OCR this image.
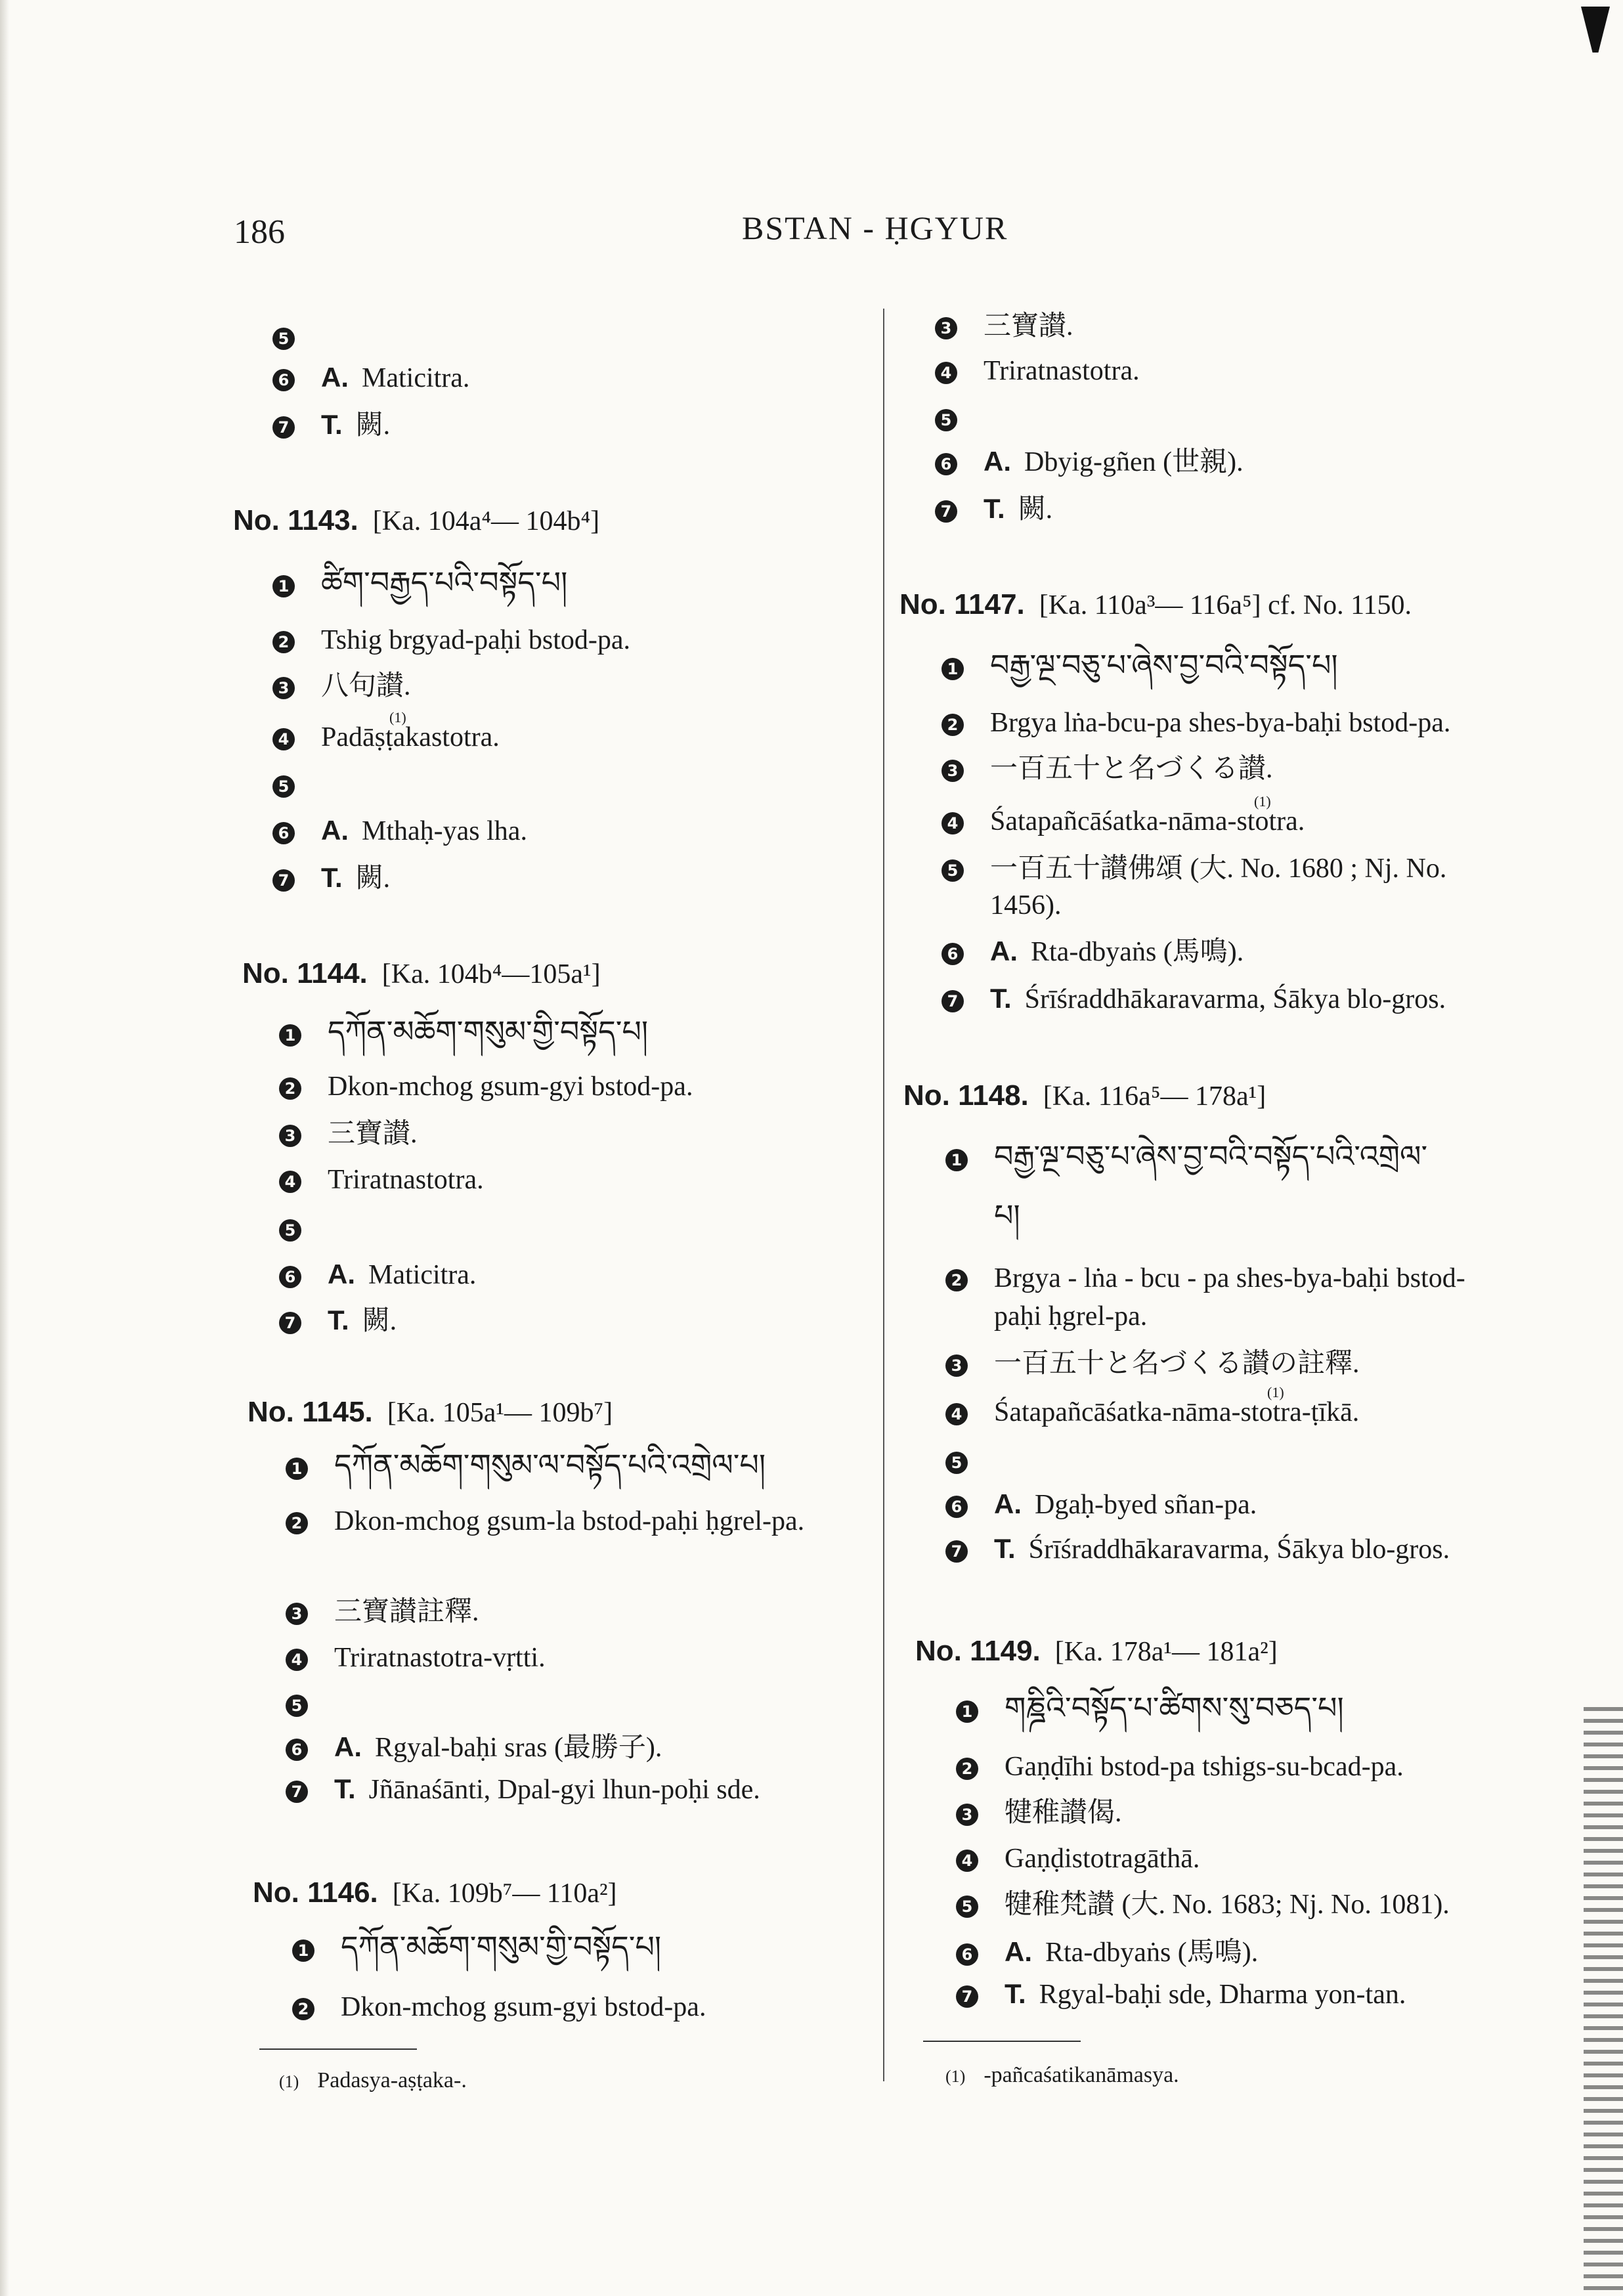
186	BSTAN - ḤGYUR
5
6 A. Maticitra.
7 T. 闕.
No. 1143. [Ka. 104a⁴— 104b⁴]
1 ཚིག་བརྒྱད་པའི་བསྟོད་པ།
2 Tshig brgyad-paḥi bstod-pa.
3 八句讃.
(1)
4 Padāṣṭakastotra.
5
6 A. Mthaḥ-yas lha.
7 T. 闕.
No. 1144. [Ka. 104b⁴—105a¹]
1 དཀོན་མཆོག་གསུམ་གྱི་བསྟོད་པ།
2 Dkon-mchog gsum-gyi bstod-pa.
3 三寶讃.
4 Triratnastotra.
5
6 A. Maticitra.
7 T. 闕.
No. 1145. [Ka. 105a¹— 109b⁷]
1 དཀོན་མཆོག་གསུམ་ལ་བསྟོད་པའི་འགྲེལ་པ།
2 Dkon-mchog gsum-la bstod-paḥi ḥgrel-pa.
3 三寶讃註釋.
4 Triratnastotra-vṛtti.
5
6 A. Rgyal-baḥi sras (最勝子).
7 T. Jñānaśānti, Dpal-gyi lhun-poḥi sde.
No. 1146. [Ka. 109b⁷— 110a²]
1 དཀོན་མཆོག་གསུམ་གྱི་བསྟོད་པ།
2 Dkon-mchog gsum-gyi bstod-pa.
(1) Padasya-aṣṭaka-.
3 三寶讃.
4 Triratnastotra.
5
6 A. Dbyig-gñen (世親).
7 T. 闕.
No. 1147. [Ka. 110a³— 116a⁵] cf. No. 1150.
1 བརྒྱ་ལྔ་བཅུ་པ་ཞེས་བྱ་བའི་བསྟོད་པ།
2 Brgya lṅa-bcu-pa shes-bya-baḥi bstod-pa.
3 一百五十と名づくる讃.
(1)
4 Śatapañcāśatka-nāma-stotra.
5 一百五十讃佛頌 (大. No. 1680 ; Nj. No.
1456).
6 A. Rta-dbyaṅs (馬鳴).
7 T. Śrīśraddhākaravarma, Śākya blo-gros.
No. 1148. [Ka. 116a⁵— 178a¹]
1 བརྒྱ་ལྔ་བཅུ་པ་ཞེས་བྱ་བའི་བསྟོད་པའི་འགྲེལ་
པ།
2 Brgya - lṅa - bcu - pa shes-bya-baḥi bstod-
paḥi ḥgrel-pa.
3 一百五十と名づくる讃の註釋.
(1)
4 Śatapañcāśatka-nāma-stotra-ṭīkā.
5
6 A. Dgaḥ-byed sñan-pa.
7 T. Śrīśraddhākaravarma, Śākya blo-gros.
No. 1149. [Ka. 178a¹— 181a²]
1 གཎྜིའི་བསྟོད་པ་ཚིགས་སུ་བཅད་པ།
2 Gaṇḍīhi bstod-pa tshigs-su-bcad-pa.
3 犍稚讃偈.
4 Gaṇḍistotragāthā.
5 犍稚梵讃 (大. No. 1683; Nj. No. 1081).
6 A. Rta-dbyaṅs (馬鳴).
7 T. Rgyal-baḥi sde, Dharma yon-tan.
(1) -pañcaśatikanāmasya.
